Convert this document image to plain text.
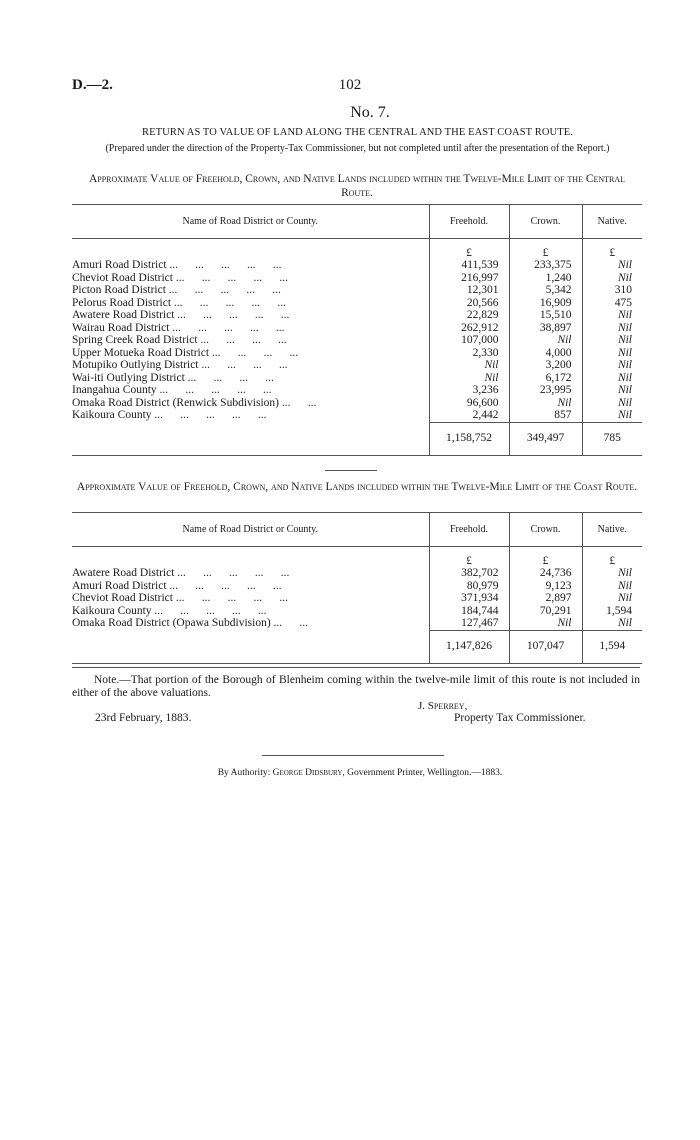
D.—2.	102
No. 7.
RETURN AS TO VALUE OF LAND ALONG THE CENTRAL AND THE EAST COAST ROUTE.
(Prepared under the direction of the Property-Tax Commissioner, but not completed until after the presentation of the Report.)
Approximate Value of Freehold, Crown, and Native Lands included within the Twelve-Mile Limit of the Central Route.
Name of Road District or County.	Freehold.	Crown.	Native.
	£	£	£
Amuri Road District ...      ...      ...      ...      ...	411,539	233,375	Nil
Cheviot Road District ...      ...      ...      ...      ...	216,997	1,240	Nil
Picton Road District ...      ...      ...      ...      ...	12,301	5,342	310
Pelorus Road District ...      ...      ...      ...      ...	20,566	16,909	475
Awatere Road District ...      ...      ...      ...      ...	22,829	15,510	Nil
Wairau Road District ...      ...      ...      ...      ...	262,912	38,897	Nil
Spring Creek Road District ...      ...      ...      ...	107,000	Nil	Nil
Upper Motueka Road District ...      ...      ...      ...	2,330	4,000	Nil
Motupiko Outlying District ...      ...      ...      ...	Nil	3,200	Nil
Wai-iti Outlying District ...      ...      ...      ...	Nil	6,172	Nil
Inangahua County ...      ...      ...      ...      ...	3,236	23,995	Nil
Omaka Road District (Renwick Subdivision) ...      ...	96,600	Nil	Nil
Kaikoura County ...      ...      ...      ...      ...	2,442	857	Nil
	1,158,752	349,497	785
Approximate Value of Freehold, Crown, and Native Lands included within the Twelve-Mile Limit of the Coast Route.
Name of Road District or County.	Freehold.	Crown.	Native.
	£	£	£
Awatere Road District ...      ...      ...      ...      ...	382,702	24,736	Nil
Amuri Road District ...      ...      ...      ...      ...	80,979	9,123	Nil
Cheviot Road District ...      ...      ...      ...      ...	371,934	2,897	Nil
Kaikoura County ...      ...      ...      ...      ...	184,744	70,291	1,594
Omaka Road District (Opawa Subdivision) ...      ...	127,467	Nil	Nil
	1,147,826	107,047	1,594
Note.—That portion of the Borough of Blenheim coming within the twelve-mile limit of this route is not included in either of the above valuations.
J. Sperrey,
23rd February, 1883.	Property Tax Commissioner.
By Authority: George Didsbury, Government Printer, Wellington.—1883.
